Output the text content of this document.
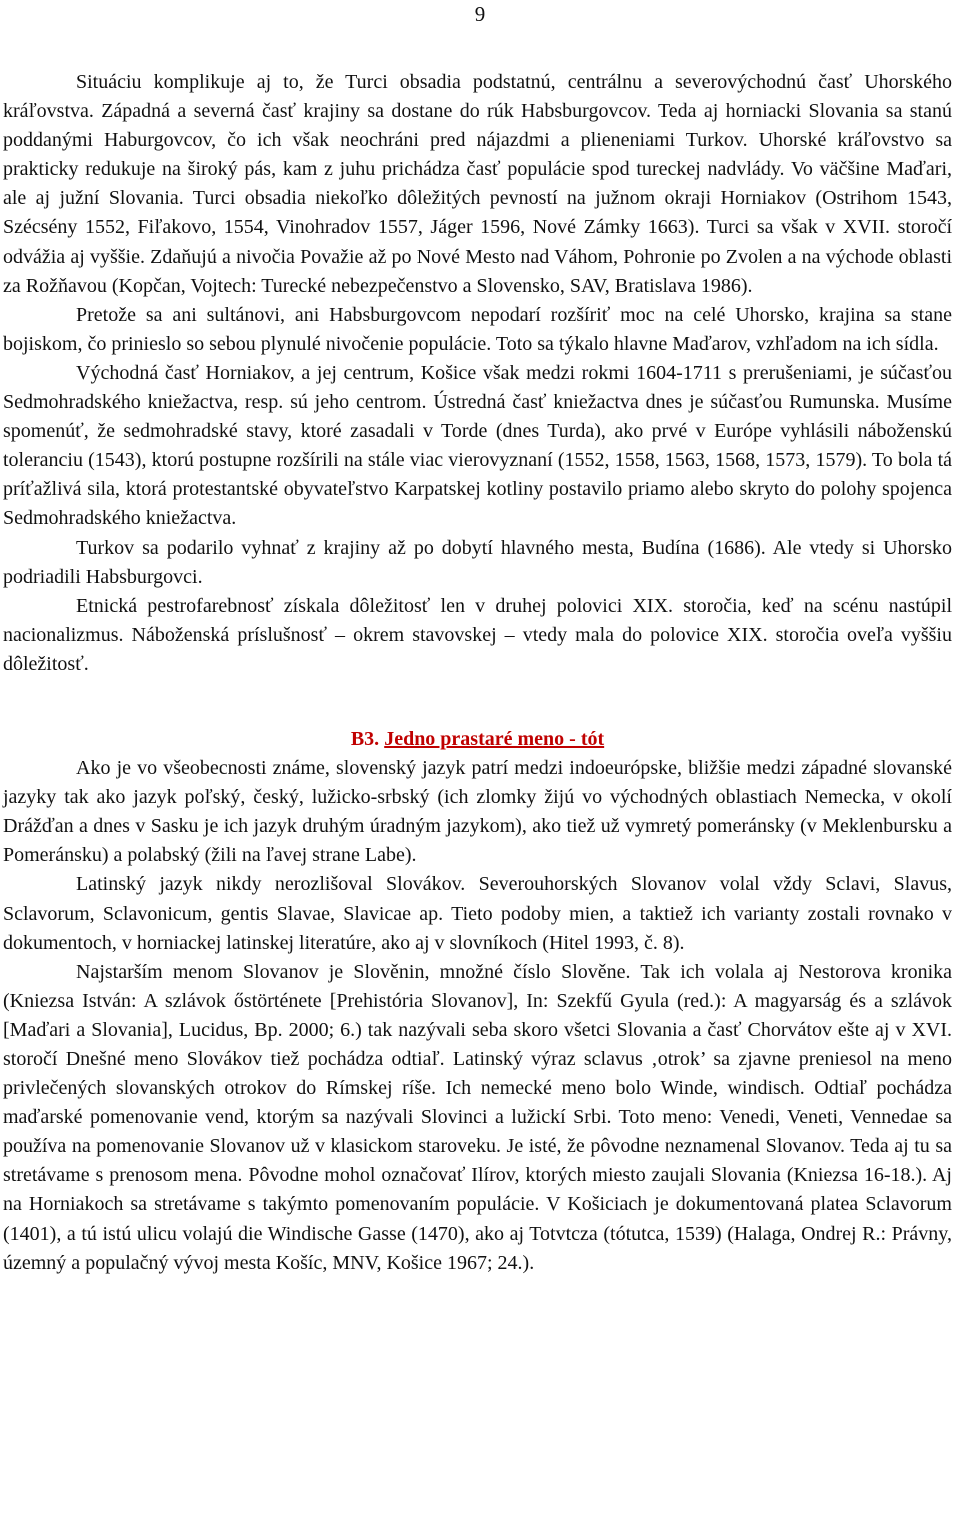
9

Situáciu komplikuje aj to, že Turci obsadia podstatnú, centrálnu a severovýchodnú časť Uhorského kráľovstva. Západná a severná časť krajiny sa dostane do rúk Habsburgovcov. Teda aj horniacki Slovania sa stanú poddanými Haburgovcov, čo ich však neochráni pred nájazdmi a plieneniami Turkov. Uhorské kráľovstvo sa prakticky redukuje na široký pás, kam z juhu prichádza časť populácie spod tureckej nadvlády. Vo väčšine Maďari, ale aj južní Slovania. Turci obsadia niekoľko dôležitých pevností na južnom okraji Horniakov (Ostrihom 1543, Szécsény 1552, Fiľakovo, 1554, Vinohradov 1557, Jáger 1596, Nové Zámky 1663). Turci sa však v XVII. storočí odvážia aj vyššie. Zdaňujú a nivočia Považie až po Nové Mesto nad Váhom, Pohronie po Zvolen a na východe oblasti za Rožňavou (Kopčan, Vojtech: Turecké nebezpečenstvo a Slovensko, SAV, Bratislava 1986).

Pretože sa ani sultánovi, ani Habsburgovcom nepodarí rozšíriť moc na celé Uhorsko, krajina sa stane bojiskom, čo prinieslo so sebou plynulé nivočenie populácie. Toto sa týkalo hlavne Maďarov, vzhľadom na ich sídla.

Východná časť Horniakov, a jej centrum, Košice však medzi rokmi 1604-1711 s prerušeniami, je súčasťou Sedmohradského kniežactva, resp. sú jeho centrom. Ústredná časť kniežactva dnes je súčasťou Rumunska. Musíme spomenúť, že sedmohradské stavy, ktoré zasadali v Torde (dnes Turda), ako prvé v Európe vyhlásili náboženskú toleranciu (1543), ktorú postupne rozšírili na stále viac vierovyznaní (1552, 1558, 1563, 1568, 1573, 1579). To bola tá príťažlivá sila, ktorá protestantské obyvateľstvo Karpatskej kotliny postavilo priamo alebo skryto do polohy spojenca Sedmohradského kniežactva.

Turkov sa podarilo vyhnať z krajiny až po dobytí hlavného mesta, Budína (1686). Ale vtedy si Uhorsko podriadili Habsburgovci.

Etnická pestrofarebnosť získala dôležitosť len v druhej polovici XIX. storočia, keď na scénu nastúpil nacionalizmus. Náboženská príslušnosť – okrem stavovskej – vtedy mala do polovice XIX. storočia oveľa vyššiu dôležitosť.

B3. Jedno prastaré meno - tót

Ako je vo všeobecnosti známe, slovenský jazyk patrí medzi indoeurópske, bližšie medzi západné slovanské jazyky tak ako jazyk poľský, český, lužicko-srbský (ich zlomky žijú vo východných oblastiach Nemecka, v okolí Drážďan a dnes v Sasku je ich jazyk druhým úradným jazykom), ako tiež už vymretý pomeránsky (v Meklenbursku a Pomeránsku) a polabský (žili na ľavej strane Labe).

Latinský jazyk nikdy nerozlišoval Slovákov. Severouhorských Slovanov volal vždy Sclavi, Slavus, Sclavorum, Sclavonicum, gentis Slavae, Slavicae ap. Tieto podoby mien, a taktiež ich varianty zostali rovnako v dokumentoch, v horniackej latinskej literatúre, ako aj v slovníkoch (Hitel 1993, č. 8).

Najstarším menom Slovanov je Slověnin, množné číslo Slověne. Tak ich volala aj Nestorova kronika (Kniezsa István: A szlávok őstörténete [Prehistória Slovanov], In: Szekfű Gyula (red.): A magyarság és a szlávok [Maďari a Slovania], Lucidus, Bp. 2000; 6.) tak nazývali seba skoro všetci Slovania a časť Chorvátov ešte aj v XVI. storočí Dnešné meno Slovákov tiež pochádza odtiaľ. Latinský výraz sclavus ‚otrok’ sa zjavne preniesol na meno privlečených slovanských otrokov do Rímskej ríše. Ich nemecké meno bolo Winde, windisch. Odtiaľ pochádza maďarské pomenovanie vend, ktorým sa nazývali Slovinci a lužickí Srbi. Toto meno: Venedi, Veneti, Vennedae sa používa na pomenovanie Slovanov už v klasickom staroveku. Je isté, že pôvodne neznamenal Slovanov. Teda aj tu sa stretávame s prenosom mena. Pôvodne mohol označovať Ilírov, ktorých miesto zaujali Slovania (Kniezsa 16-18.). Aj na Horniakoch sa stretávame s takýmto pomenovaním populácie. V Košiciach je dokumentovaná platea Sclavorum (1401), a tú istú ulicu volajú die Windische Gasse (1470), ako aj Totvtcza (tótutca, 1539) (Halaga, Ondrej R.: Právny, územný a populačný vývoj mesta Košíc, MNV, Košice 1967; 24.).
